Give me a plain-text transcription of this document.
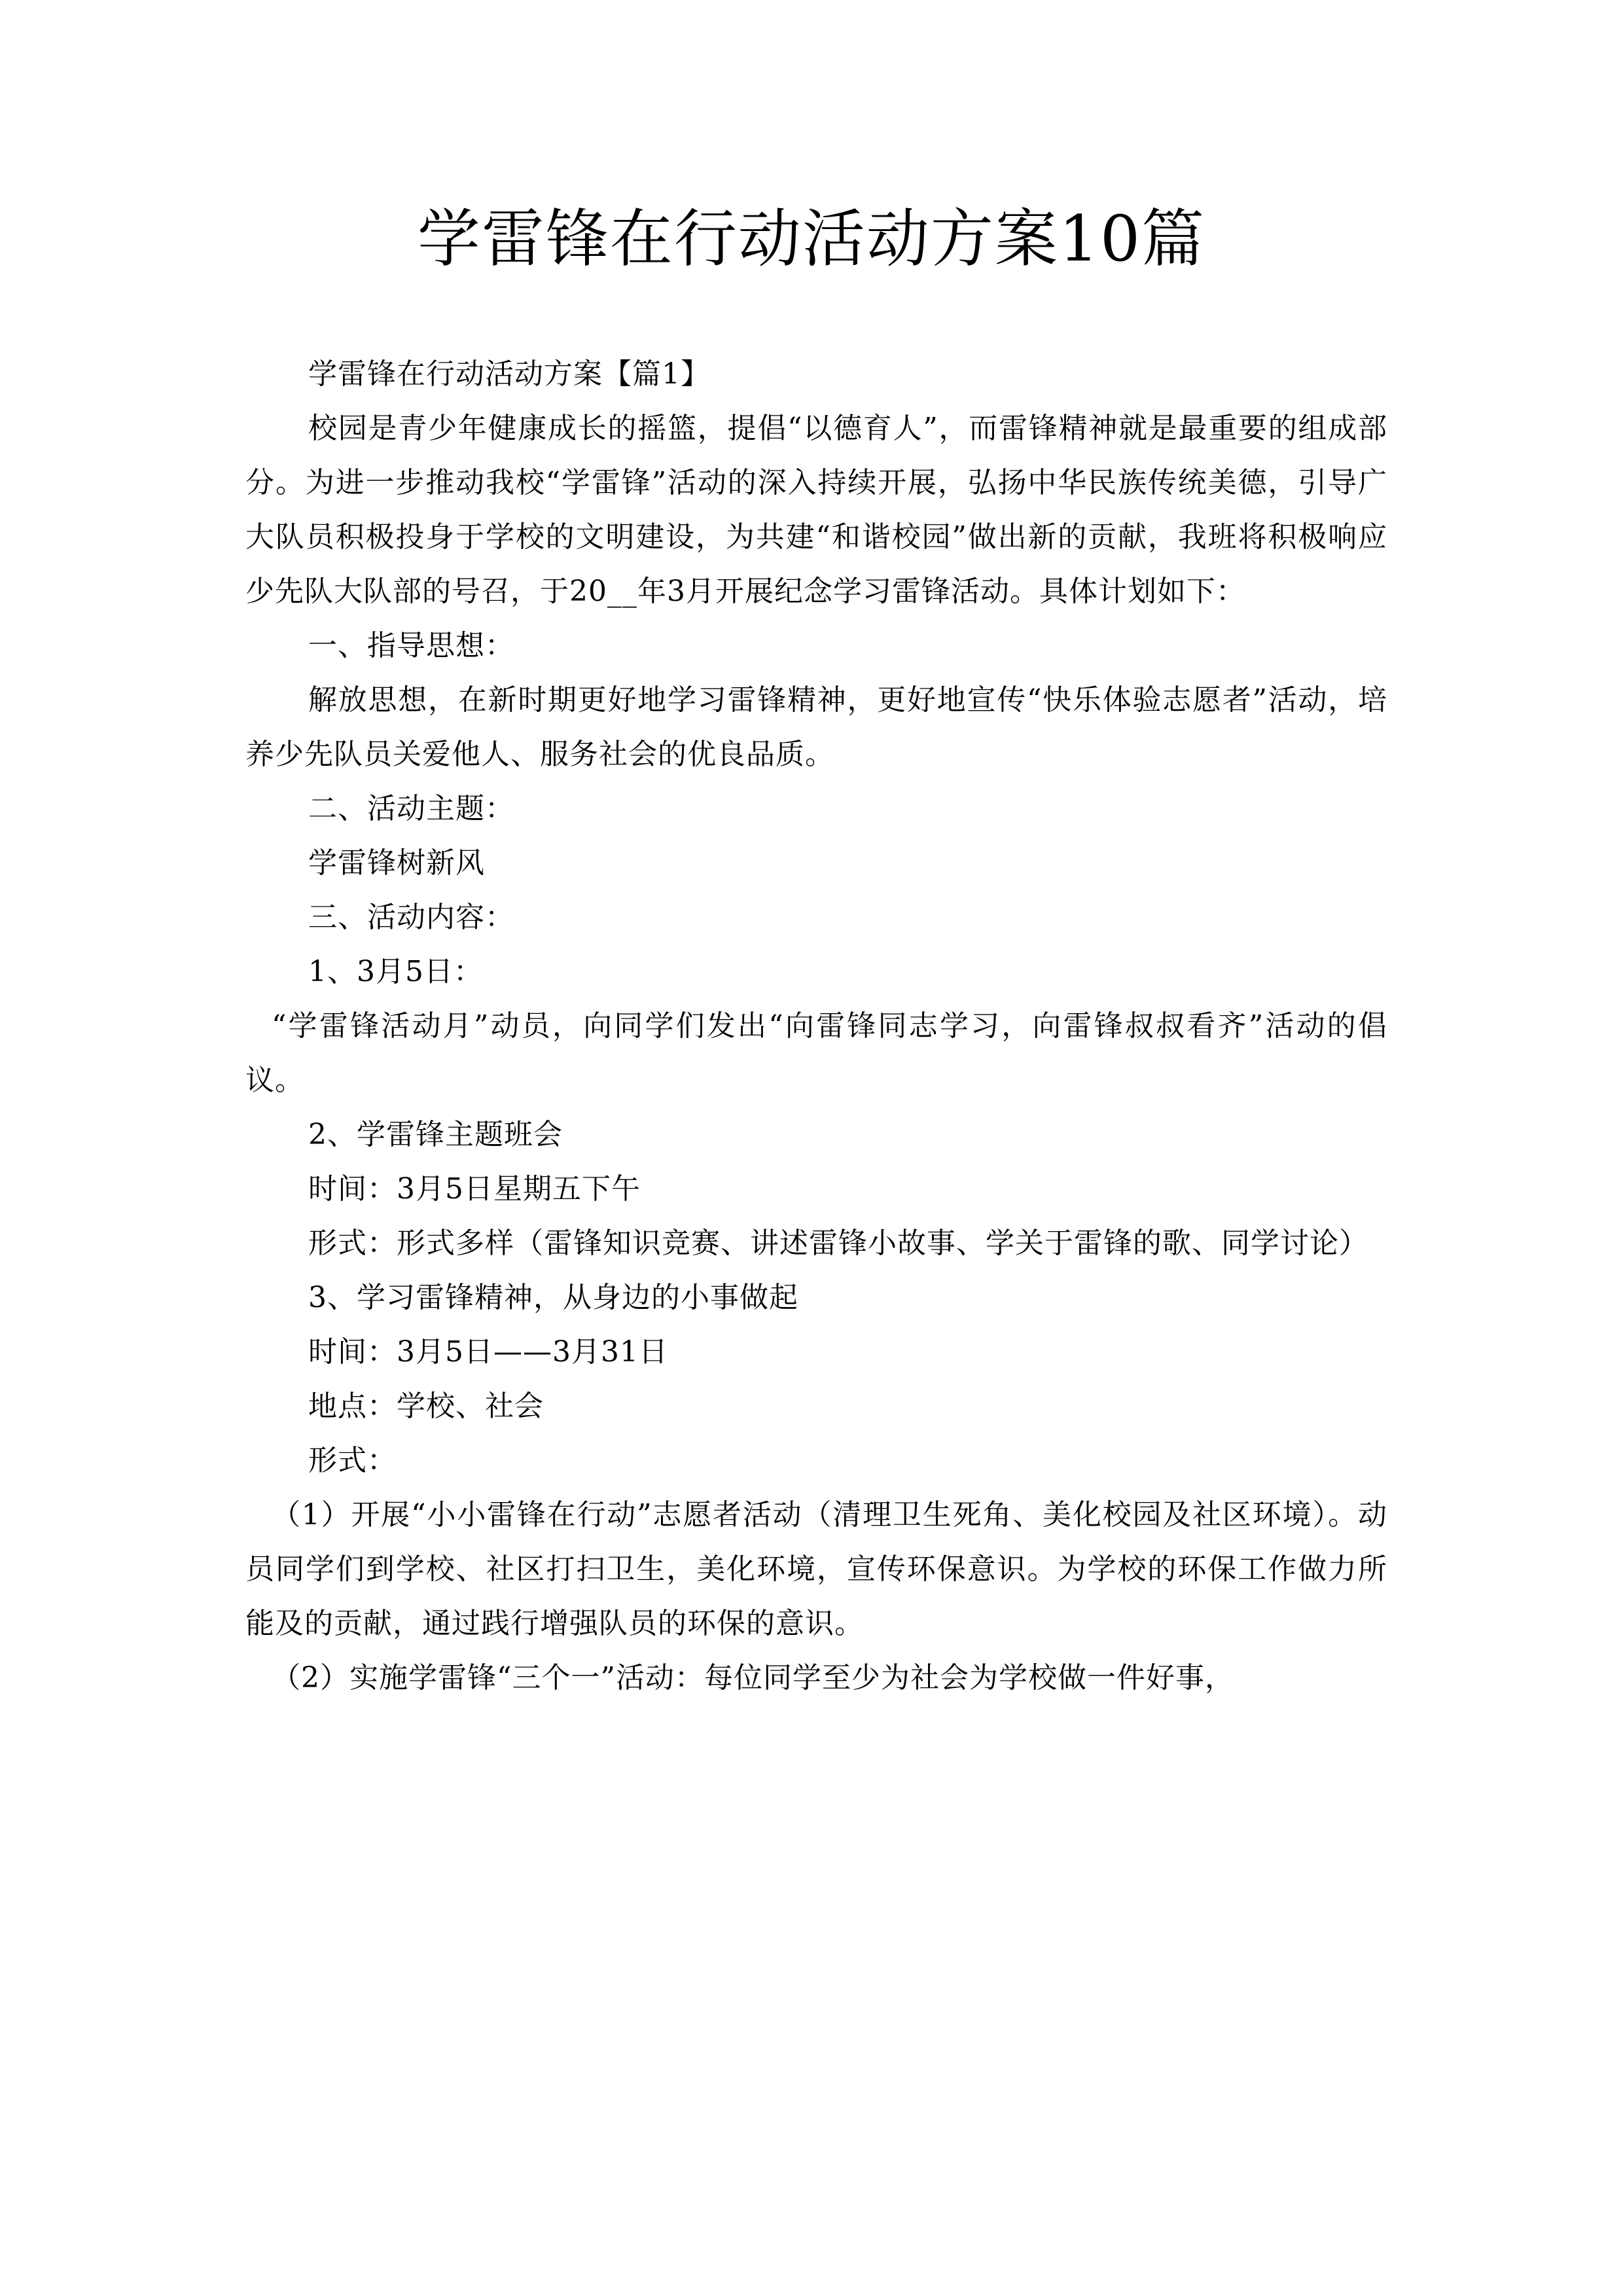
学雷锋在行动活动方案10篇

学雷锋在行动活动方案【篇1】

校园是青少年健康成长的摇篮，提倡“以德育人”，而雷锋精神就是最重要的组成部分。为进一步推动我校“学雷锋”活动的深入持续开展，弘扬中华民族传统美德，引导广大队员积极投身于学校的文明建设，为共建“和谐校园”做出新的贡献，我班将积极响应少先队大队部的号召，于20__年3月开展纪念学习雷锋活动。具体计划如下：

一、指导思想：

解放思想，在新时期更好地学习雷锋精神，更好地宣传“快乐体验志愿者”活动，培养少先队员关爱他人、服务社会的优良品质。

二、活动主题：

学雷锋树新风

三、活动内容：

1、3月5日：

“学雷锋活动月”动员，向同学们发出“向雷锋同志学习，向雷锋叔叔看齐”活动的倡议。

2、学雷锋主题班会

时间：3月5日星期五下午

形式：形式多样（雷锋知识竞赛、讲述雷锋小故事、学关于雷锋的歌、同学讨论）

3、学习雷锋精神，从身边的小事做起

时间：3月5日——3月31日

地点：学校、社会

形式：

（1）开展“小小雷锋在行动”志愿者活动（清理卫生死角、美化校园及社区环境）。动员同学们到学校、社区打扫卫生，美化环境，宣传环保意识。为学校的环保工作做力所能及的贡献，通过践行增强队员的环保的意识。

（2）实施学雷锋“三个一”活动：每位同学至少为社会为学校做一件好事，
